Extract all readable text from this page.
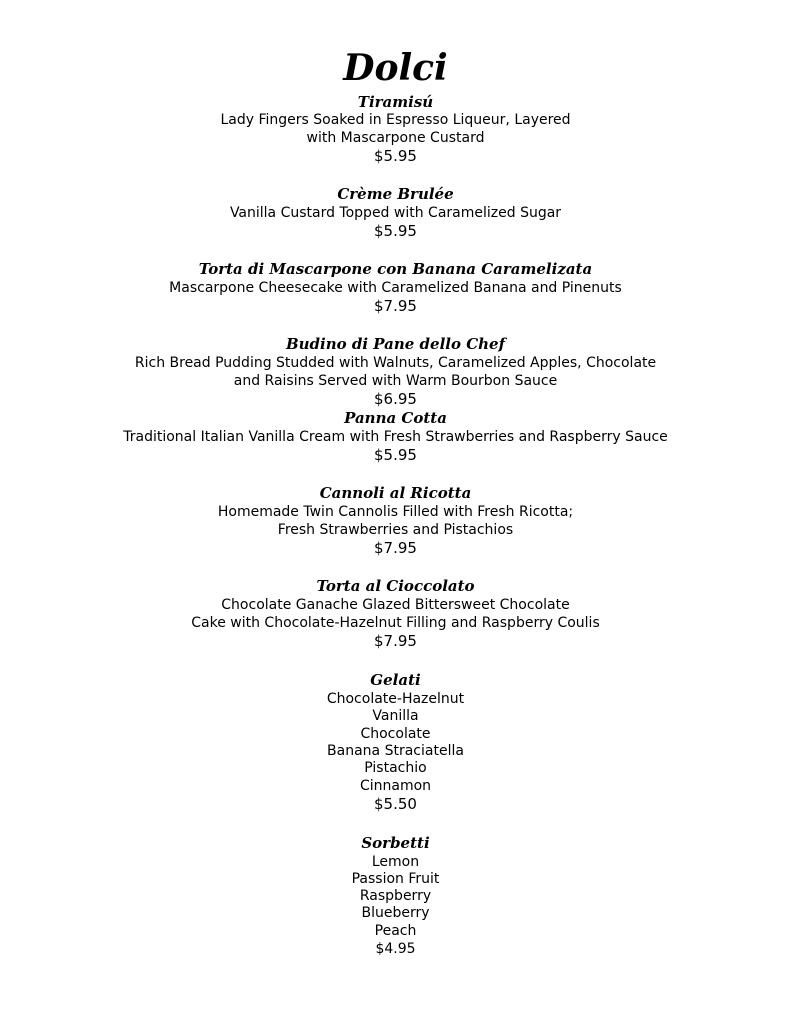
Dolci
Tiramisú
Lady Fingers Soaked in Espresso Liqueur, Layered
with Mascarpone Custard
$5.95
Crème Brulée
Vanilla Custard Topped with Caramelized Sugar
$5.95
Torta di Mascarpone con Banana Caramelizata
Mascarpone Cheesecake with Caramelized Banana and Pinenuts
$7.95
Budino di Pane dello Chef
Rich Bread Pudding Studded with Walnuts, Caramelized Apples, Chocolate
and Raisins Served with Warm Bourbon Sauce
$6.95
Panna Cotta
Traditional Italian Vanilla Cream with Fresh Strawberries and Raspberry Sauce
$5.95
Cannoli al Ricotta
Homemade Twin Cannolis Filled with Fresh Ricotta;
Fresh Strawberries and Pistachios
$7.95
Torta al Cioccolato
Chocolate Ganache Glazed Bittersweet Chocolate
Cake with Chocolate-Hazelnut Filling and Raspberry Coulis
$7.95
Gelati
Chocolate-Hazelnut
Vanilla
Chocolate
Banana Straciatella
Pistachio
Cinnamon
$5.50
Sorbetti
Lemon
Passion Fruit
Raspberry
Blueberry
Peach
$4.95
